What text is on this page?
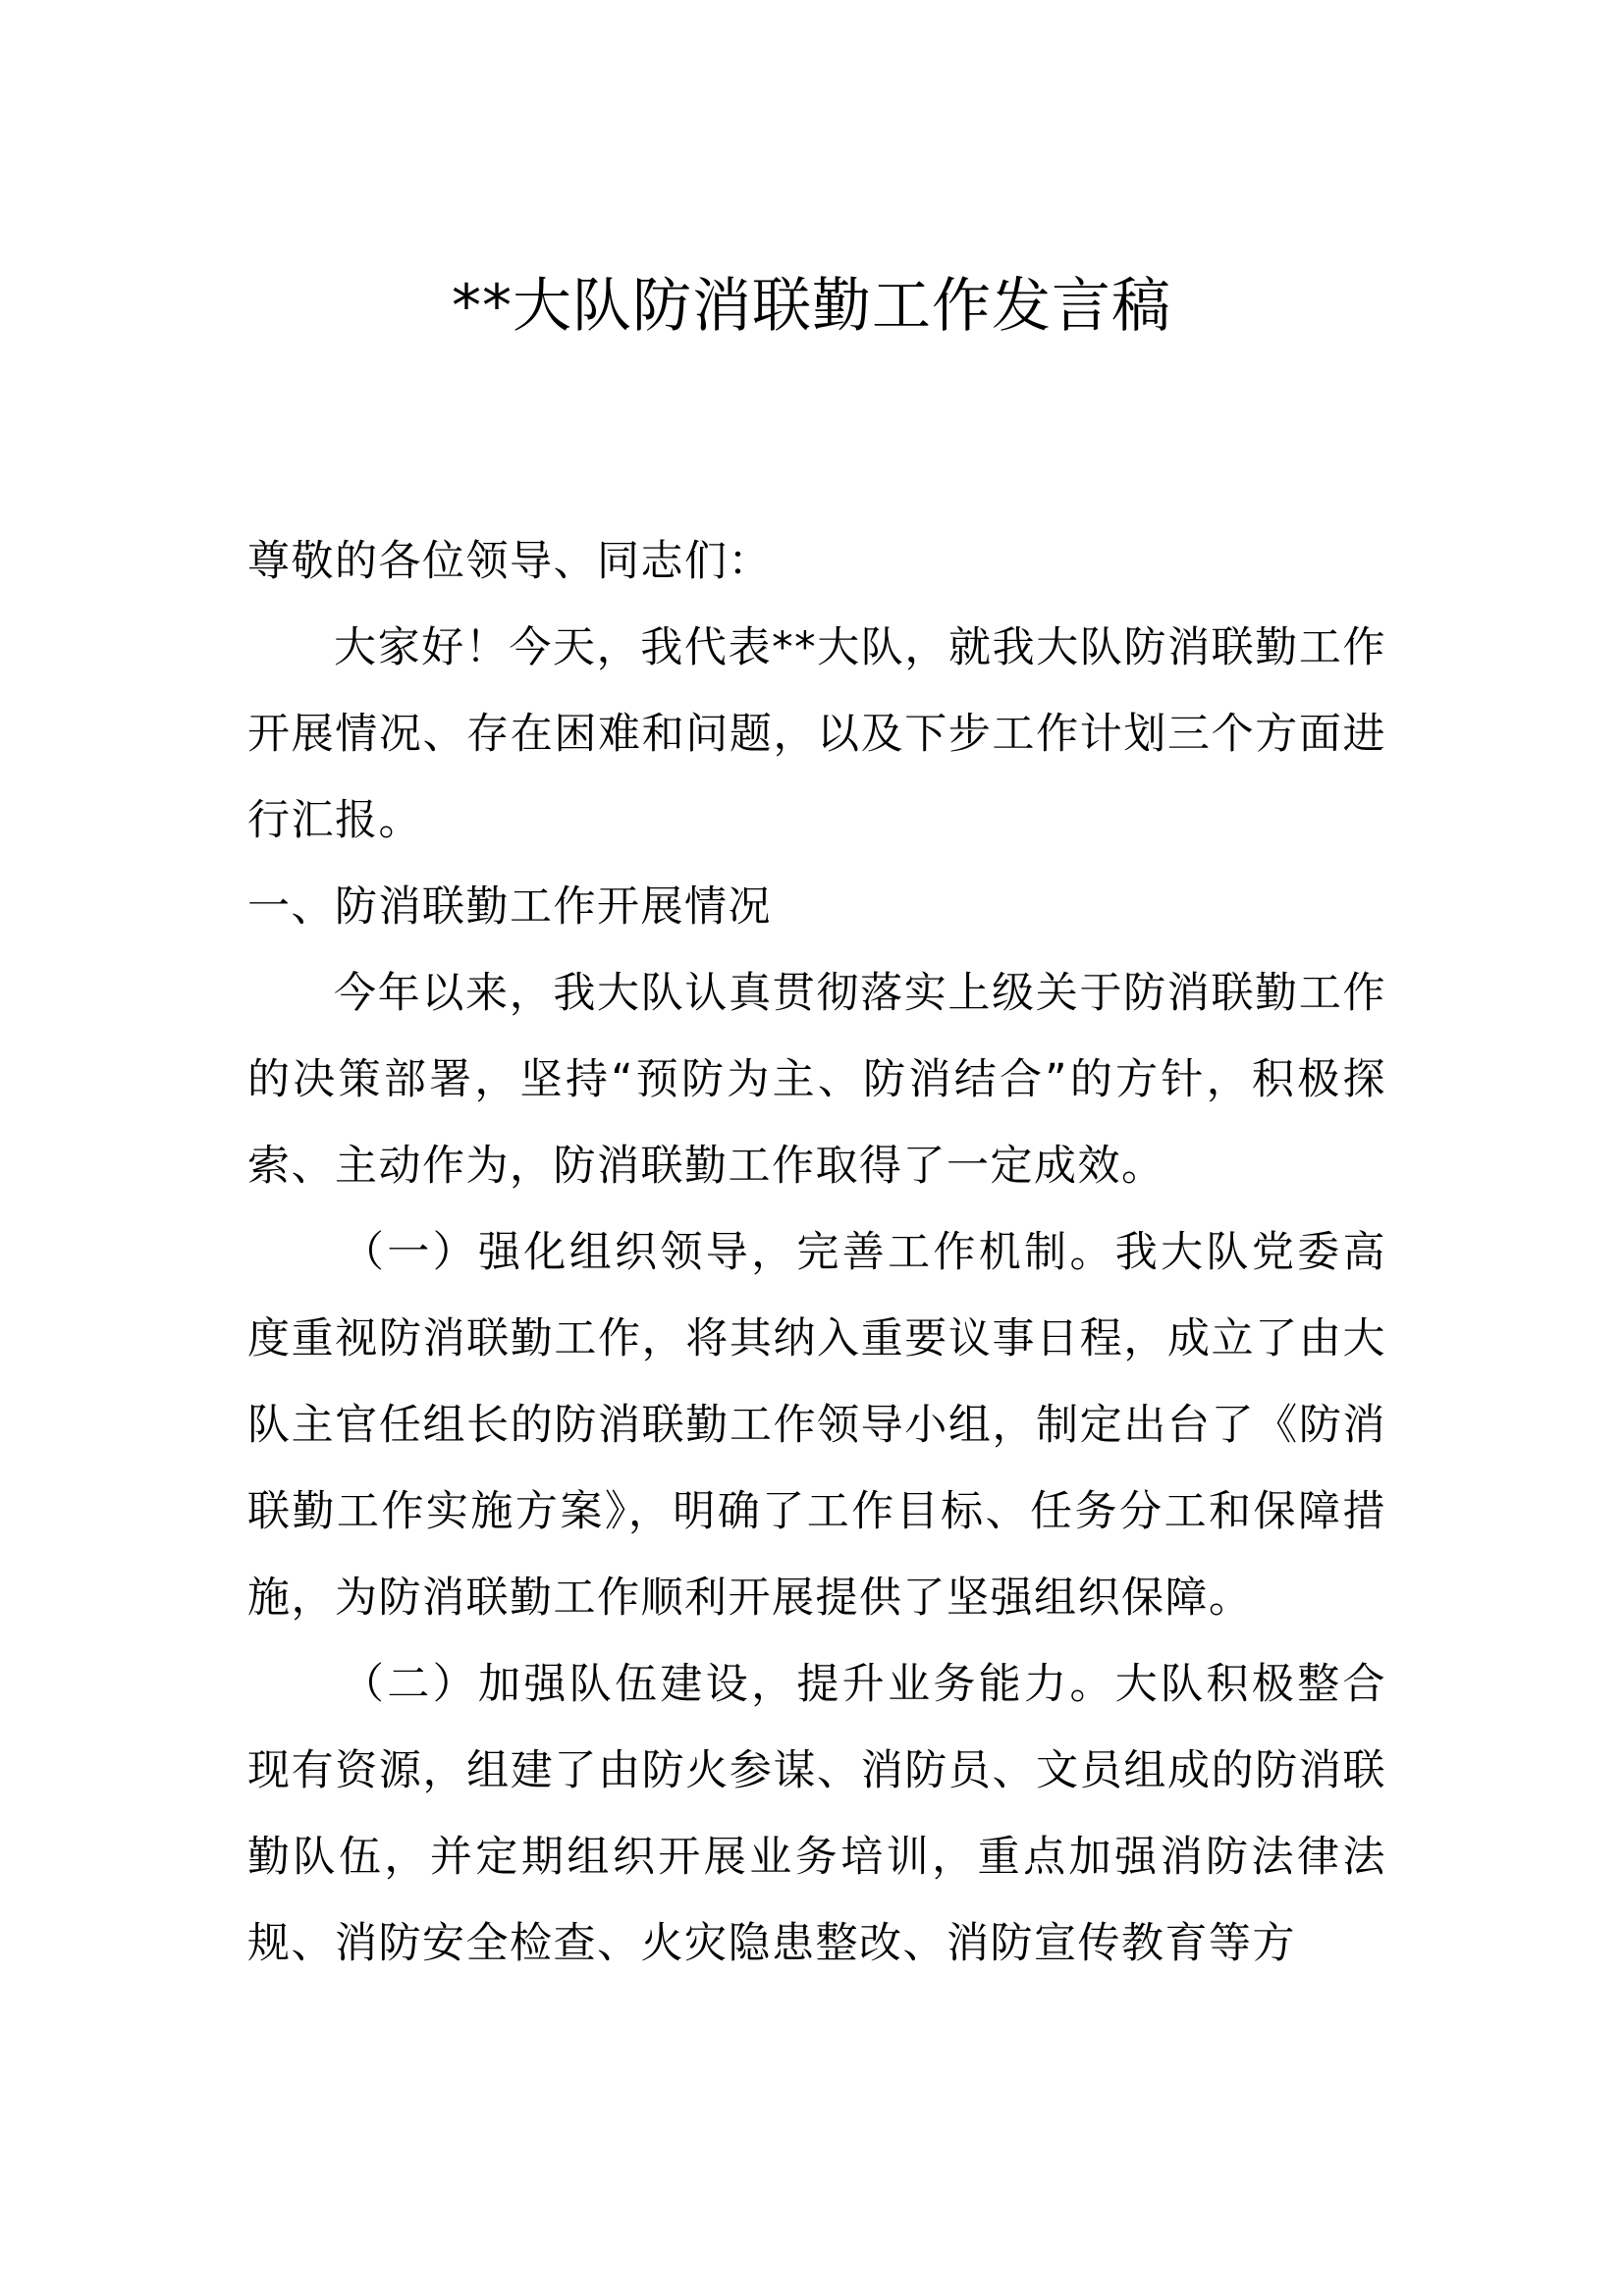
**大队防消联勤工作发言稿

尊敬的各位领导、同志们：

大家好！今天，我代表**大队，就我大队防消联勤工作开展情况、存在困难和问题，以及下步工作计划三个方面进行汇报。

一、防消联勤工作开展情况

今年以来，我大队认真贯彻落实上级关于防消联勤工作的决策部署，坚持“预防为主、防消结合”的方针，积极探索、主动作为，防消联勤工作取得了一定成效。

（一）强化组织领导，完善工作机制。我大队党委高度重视防消联勤工作，将其纳入重要议事日程，成立了由大队主官任组长的防消联勤工作领导小组，制定出台了《防消联勤工作实施方案》，明确了工作目标、任务分工和保障措施，为防消联勤工作顺利开展提供了坚强组织保障。

（二）加强队伍建设，提升业务能力。大队积极整合现有资源，组建了由防火参谋、消防员、文员组成的防消联勤队伍，并定期组织开展业务培训，重点加强消防法律法规、消防安全检查、火灾隐患整改、消防宣传教育等方
